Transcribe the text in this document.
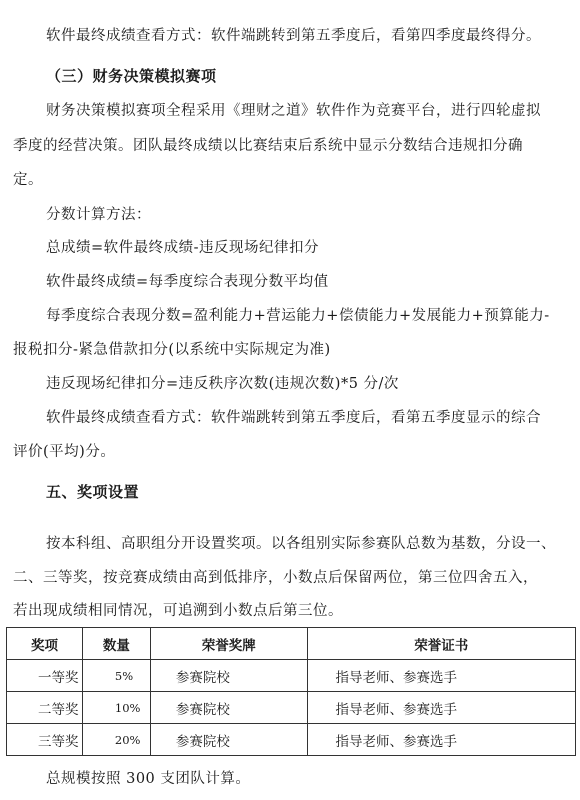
软件最终成绩查看方式：软件端跳转到第五季度后，看第四季度最终得分。
（三）财务决策模拟赛项
财务决策模拟赛项全程采用《理财之道》软件作为竞赛平台，进行四轮虚拟
季度的经营决策。团队最终成绩以比赛结束后系统中显示分数结合违规扣分确
定。
分数计算方法：
总成绩=软件最终成绩-违反现场纪律扣分
软件最终成绩=每季度综合表现分数平均值
每季度综合表现分数=盈利能力+营运能力+偿债能力+发展能力+预算能力-
报税扣分-紧急借款扣分(以系统中实际规定为准)
违反现场纪律扣分=违反秩序次数(违规次数)*5 分/次
软件最终成绩查看方式：软件端跳转到第五季度后，看第五季度显示的综合
评价(平均)分。
五、奖项设置
按本科组、高职组分开设置奖项。以各组别实际参赛队总数为基数，分设一、
二、三等奖，按竞赛成绩由高到低排序，小数点后保留两位，第三位四舍五入，
若出现成绩相同情况，可追溯到小数点后第三位。
奖项	数量	荣誉奖牌	荣誉证书
一等奖	5%	参赛院校	指导老师、参赛选手
二等奖	10%	参赛院校	指导老师、参赛选手
三等奖	20%	参赛院校	指导老师、参赛选手
总规模按照 300 支团队计算。
